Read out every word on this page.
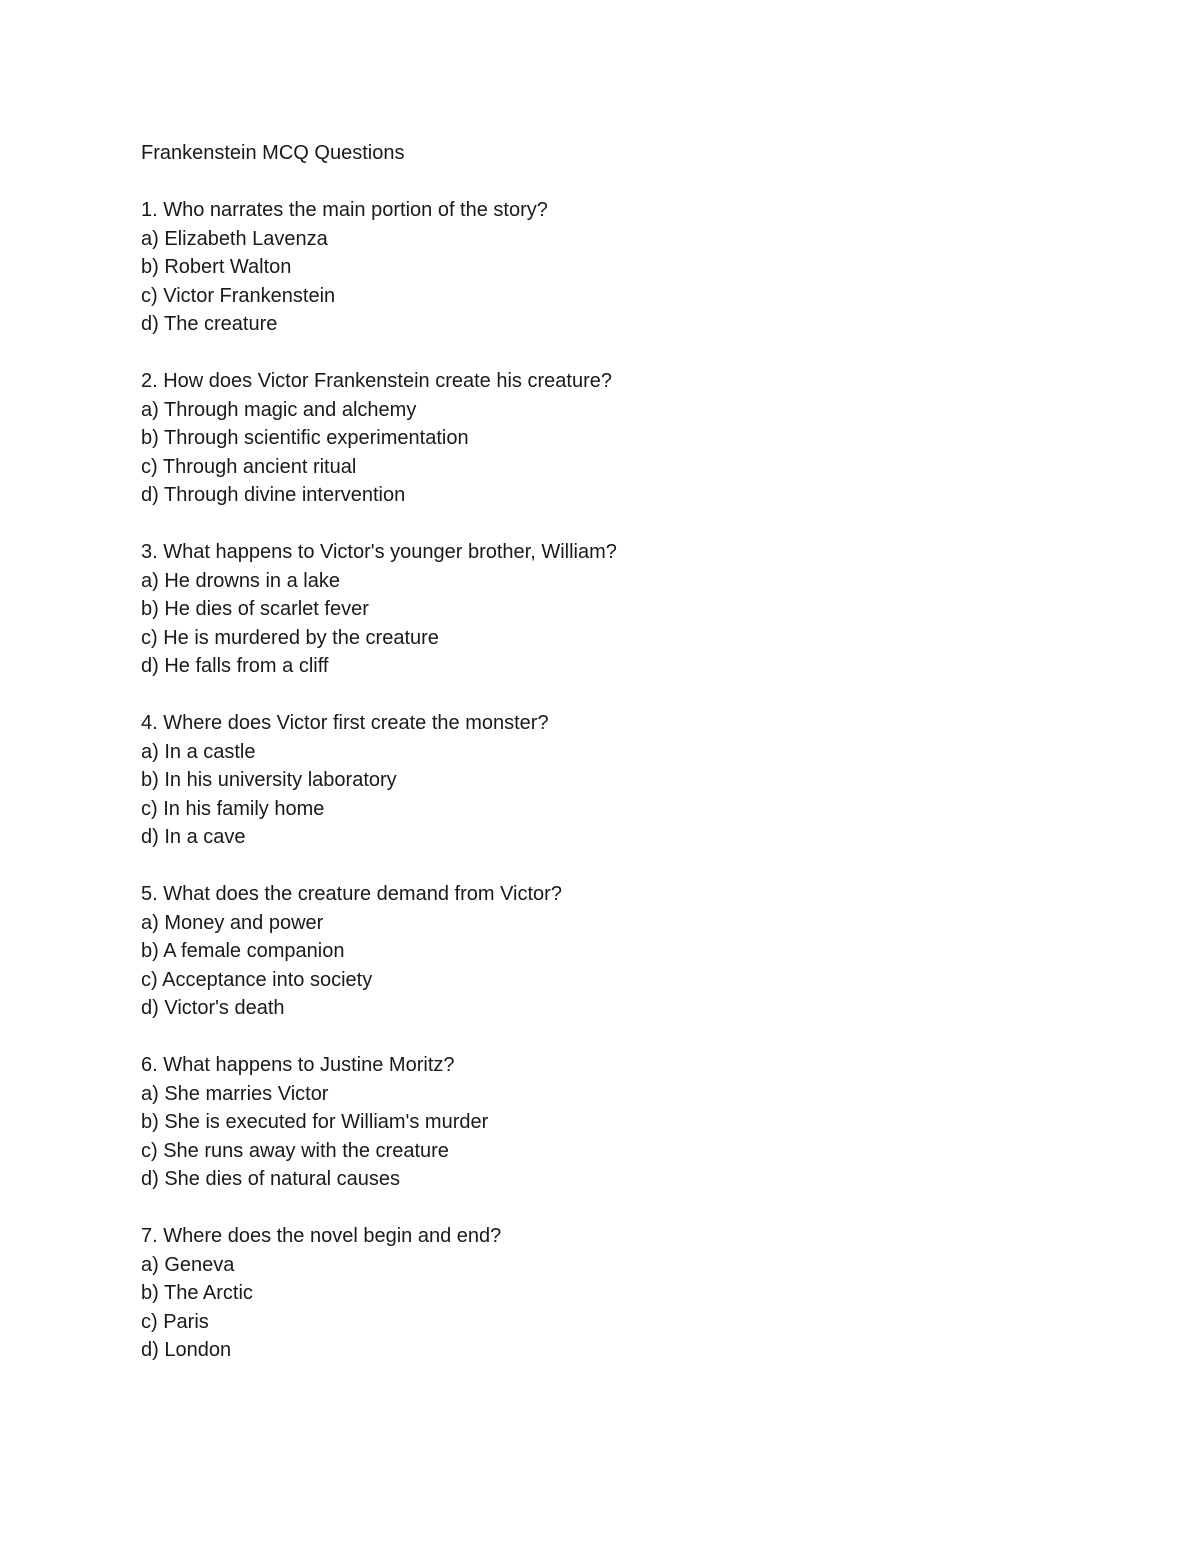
Frankenstein MCQ Questions
1. Who narrates the main portion of the story?
a) Elizabeth Lavenza
b) Robert Walton
c) Victor Frankenstein
d) The creature
2. How does Victor Frankenstein create his creature?
a) Through magic and alchemy
b) Through scientific experimentation
c) Through ancient ritual
d) Through divine intervention
3. What happens to Victor's younger brother, William?
a) He drowns in a lake
b) He dies of scarlet fever
c) He is murdered by the creature
d) He falls from a cliff
4. Where does Victor first create the monster?
a) In a castle
b) In his university laboratory
c) In his family home
d) In a cave
5. What does the creature demand from Victor?
a) Money and power
b) A female companion
c) Acceptance into society
d) Victor's death
6. What happens to Justine Moritz?
a) She marries Victor
b) She is executed for William's murder
c) She runs away with the creature
d) She dies of natural causes
7. Where does the novel begin and end?
a) Geneva
b) The Arctic
c) Paris
d) London
